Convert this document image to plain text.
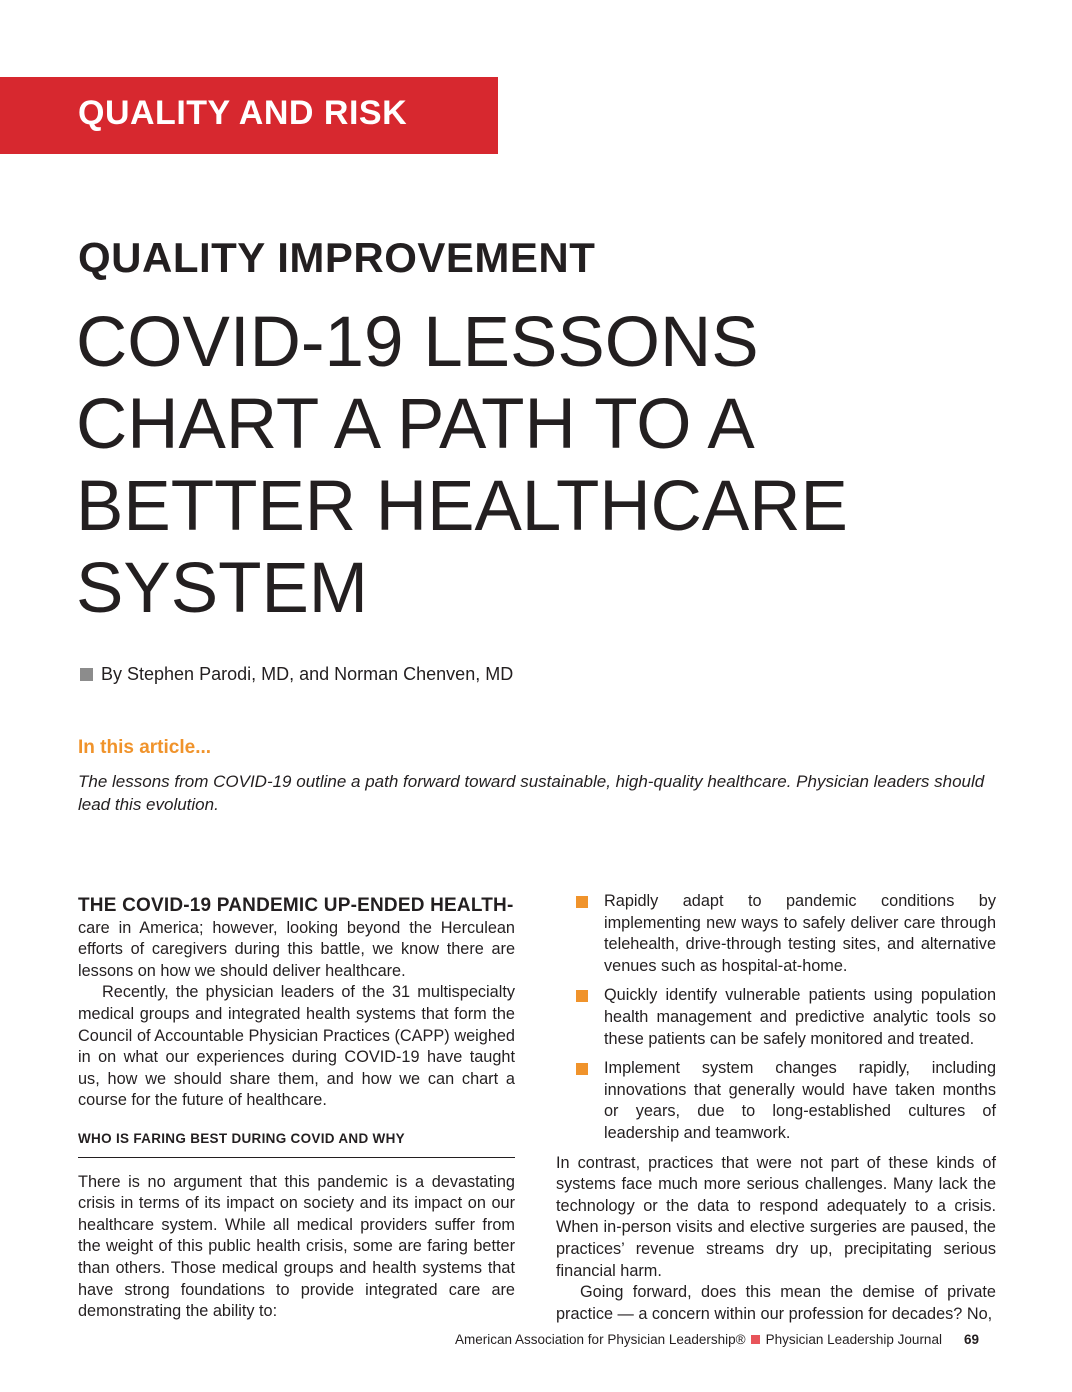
QUALITY AND RISK
QUALITY IMPROVEMENT
COVID-19 LESSONS
CHART A PATH TO A
BETTER HEALTHCARE
SYSTEM
By Stephen Parodi, MD, and Norman Chenven, MD
In this article...
The lessons from COVID-19 outline a path forward toward sustainable, high-quality healthcare. Physician leaders should lead this evolution.

THE COVID-19 PANDEMIC UP-ENDED HEALTH-
care in America; however, looking beyond the Herculean efforts of caregivers during this battle, we know there are lessons on how we should deliver healthcare.

Recently, the physician leaders of the 31 multispecialty medical groups and integrated health systems that form the Council of Accountable Physician Practices (CAPP) weighed in on what our experiences during COVID-19 have taught us, how we should share them, and how we can chart a course for the future of healthcare.

WHO IS FARING BEST DURING COVID AND WHY

There is no argument that this pandemic is a devastating crisis in terms of its impact on society and its impact on our healthcare system. While all medical providers suffer from the weight of this public health crisis, some are faring better than others. Those medical groups and health systems that have strong foundations to provide integrated care are demonstrating the ability to:

Rapidly adapt to pandemic conditions by implementing new ways to safely deliver care through telehealth, drive-through testing sites, and alternative venues such as hospital-at-home.
Quickly identify vulnerable patients using population health management and predictive analytic tools so these patients can be safely monitored and treated.
Implement system changes rapidly, including innovations that generally would have taken months or years, due to long-established cultures of leadership and teamwork.

In contrast, practices that were not part of these kinds of systems face much more serious challenges. Many lack the technology or the data to respond adequately to a crisis. When in-person visits and elective surgeries are paused, the practices’ revenue streams dry up, precipitating serious financial harm.

Going forward, does this mean the demise of private practice — a concern within our profession for decades? No,

American Association for Physician Leadership® Physician Leadership Journal 69
